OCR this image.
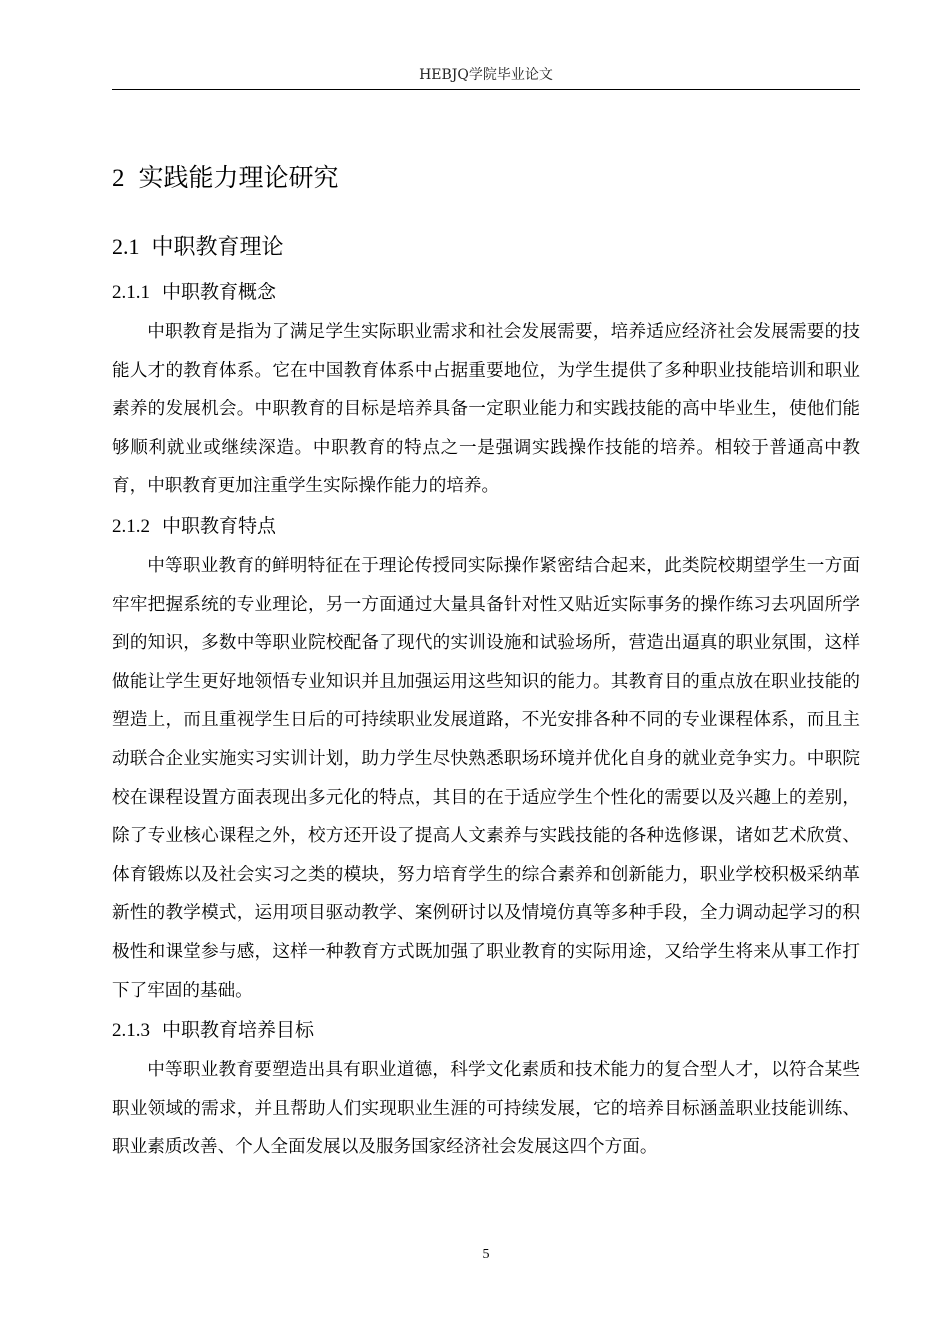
HEBJQ学院毕业论文
2 实践能力理论研究
2.1 中职教育理论
2.1.1 中职教育概念

中职教育是指为了满足学生实际职业需求和社会发展需要，培养适应经济社会发展需要的技能人才的教育体系。它在中国教育体系中占据重要地位，为学生提供了多种职业技能培训和职业素养的发展机会。中职教育的目标是培养具备一定职业能力和实践技能的高中毕业生，使他们能够顺利就业或继续深造。中职教育的特点之一是强调实践操作技能的培养。相较于普通高中教育，中职教育更加注重学生实际操作能力的培养。

2.1.2 中职教育特点

中等职业教育的鲜明特征在于理论传授同实际操作紧密结合起来，此类院校期望学生一方面牢牢把握系统的专业理论，另一方面通过大量具备针对性又贴近实际事务的操作练习去巩固所学到的知识，多数中等职业院校配备了现代的实训设施和试验场所，营造出逼真的职业氛围，这样做能让学生更好地领悟专业知识并且加强运用这些知识的能力。其教育目的重点放在职业技能的塑造上，而且重视学生日后的可持续职业发展道路，不光安排各种不同的专业课程体系，而且主动联合企业实施实习实训计划，助力学生尽快熟悉职场环境并优化自身的就业竞争实力。中职院校在课程设置方面表现出多元化的特点，其目的在于适应学生个性化的需要以及兴趣上的差别，除了专业核心课程之外，校方还开设了提高人文素养与实践技能的各种选修课，诸如艺术欣赏、体育锻炼以及社会实习之类的模块，努力培育学生的综合素养和创新能力，职业学校积极采纳革新性的教学模式，运用项目驱动教学、案例研讨以及情境仿真等多种手段，全力调动起学习的积极性和课堂参与感，这样一种教育方式既加强了职业教育的实际用途，又给学生将来从事工作打下了牢固的基础。

2.1.3 中职教育培养目标

中等职业教育要塑造出具有职业道德，科学文化素质和技术能力的复合型人才，以符合某些职业领域的需求，并且帮助人们实现职业生涯的可持续发展，它的培养目标涵盖职业技能训练、职业素质改善、个人全面发展以及服务国家经济社会发展这四个方面。

5
